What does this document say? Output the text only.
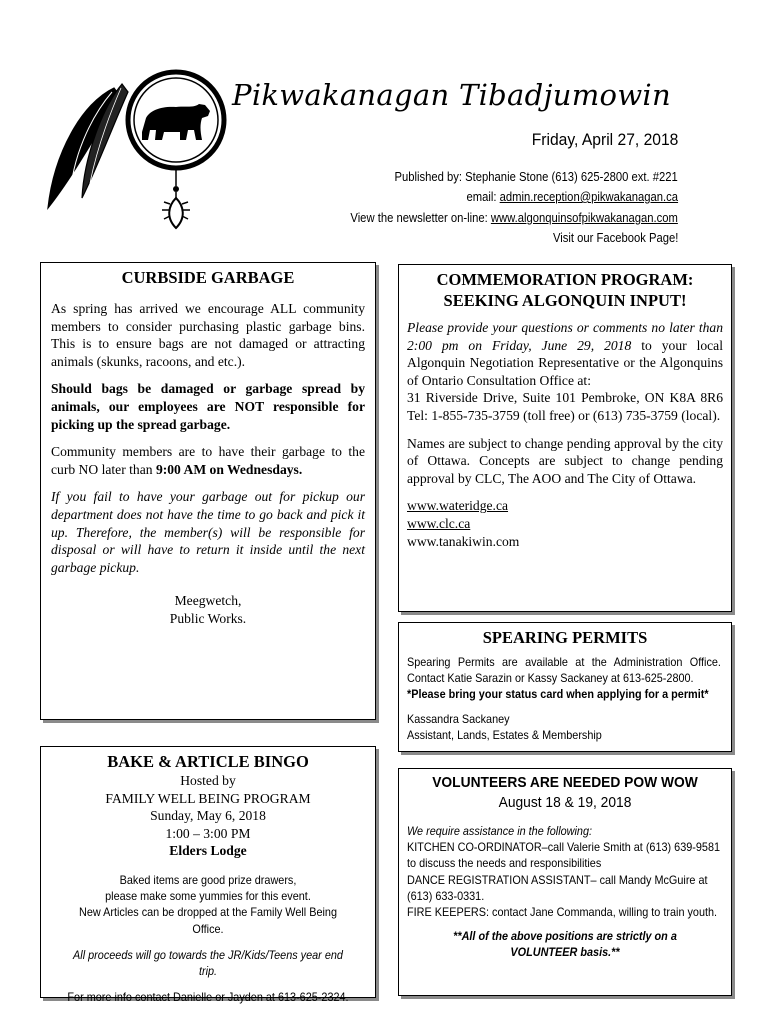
Pikwakanagan Tibadjumowin
Friday, April 27, 2018
Published by: Stephanie Stone (613) 625-2800 ext. #221
email: admin.reception@pikwakanagan.ca
View the newsletter on-line: www.algonquinsofpikwakanagan.com
Visit our Facebook Page!
CURBSIDE GARBAGE

As spring has arrived we encourage ALL community members to consider purchasing plastic garbage bins. This is to ensure bags are not damaged or attracting animals (skunks, racoons, and etc.).

Should bags be damaged or garbage spread by animals, our employees are NOT responsible for picking up the spread garbage.

Community members are to have their garbage to the curb NO later than 9:00 AM on Wednesdays.

If you fail to have your garbage out for pickup our department does not have the time to go back and pick it up. Therefore, the member(s) will be responsible for disposal or will have to return it inside until the next garbage pickup.

Meegwetch,

Public Works.

COMMEMORATION PROGRAM:
SEEKING ALGONQUIN INPUT!

Please provide your questions or comments no later than 2:00 pm on Friday, June 29, 2018 to your local Algonquin Negotiation Representative or the Algonquins of Ontario Consultation Office at:

31 Riverside Drive, Suite 101 Pembroke, ON K8A 8R6 Tel: 1-855-735-3759 (toll free) or (613) 735-3759 (local).

Names are subject to change pending approval by the city of Ottawa. Concepts are subject to change pending approval by CLC, The AOO and The City of Ottawa.

www.wateridge.ca

www.clc.ca

www.tanakiwin.com

SPEARING PERMITS
Spearing Permits are available at the Administration Office. Contact Katie Sarazin or Kassy Sackaney at 613-625-2800.
*Please bring your status card when applying for a permit*
Kassandra Sackaney
Assistant, Lands, Estates & Membership
BAKE & ARTICLE BINGO

Hosted by

FAMILY WELL BEING PROGRAM

Sunday, May 6, 2018

1:00 – 3:00 PM

Elders Lodge

Baked items are good prize drawers,
please make some yummies for this event.
New Articles can be dropped at the Family Well Being Office.
All proceeds will go towards the JR/Kids/Teens year end trip.
For more info contact Danielle or Jayden at 613-625-2324.
VOLUNTEERS ARE NEEDED POW WOW
August 18 & 19, 2018
We require assistance in the following:
KITCHEN CO-ORDINATOR–call Valerie Smith at (613) 639-9581 to discuss the needs and responsibilities
DANCE REGISTRATION ASSISTANT– call Mandy McGuire at (613) 633-0331.
FIRE KEEPERS: contact Jane Commanda, willing to train youth.
**All of the above positions are strictly on a
VOLUNTEER basis.**
